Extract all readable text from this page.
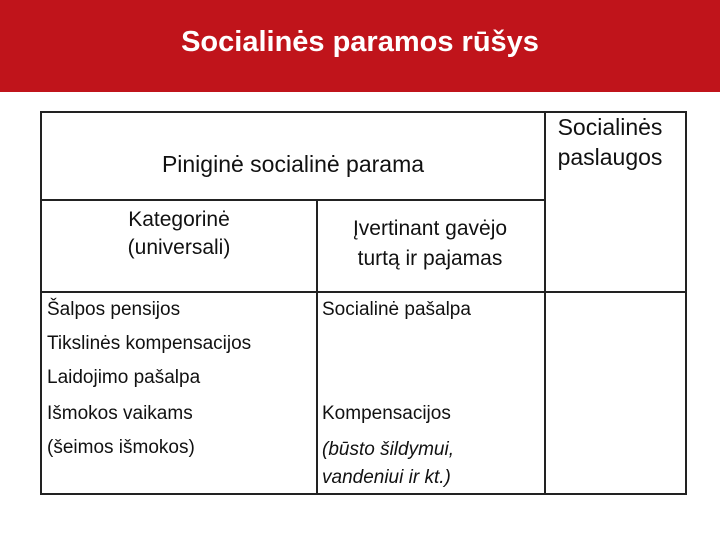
Socialinės paramos rūšys
Piniginė socialinė parama
Socialinės
paslaugos
Kategorinė
(universali)
Įvertinant gavėjo
turtą ir pajamas
Šalpos pensijos
Tikslinės kompensacijos
Laidojimo pašalpa
Socialinė pašalpa
Išmokos vaikams
(šeimos išmokos)
Kompensacijos
(būsto šildymui,
vandeniui ir kt.)
